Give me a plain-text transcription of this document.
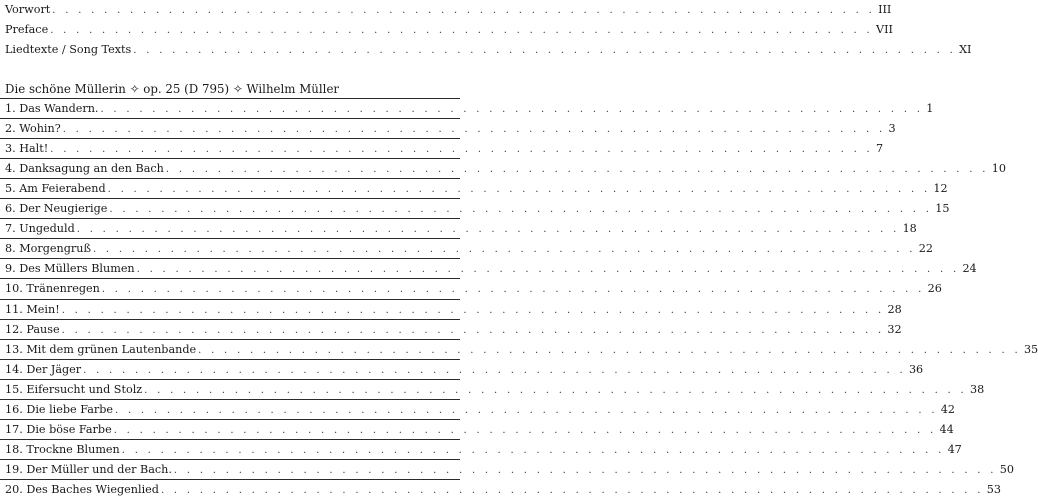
Vorwort . . . . . . . . . . . . . . . . . . . . . . . . . . . . . . . . . . . . . . . . . . . . . . . . . . . . . . . . . . . . . . . . III
Preface . . . . . . . . . . . . . . . . . . . . . . . . . . . . . . . . . . . . . . . . . . . . . . . . . . . . . . . . . . . . . . . . VII
Liedtexte / Song Texts . . . . . . . . . . . . . . . . . . . . . . . . . . . . . . . . . . . . . . . . . . . . . . . . . . . . . . . . . . . . . . . . XI
Die schöne Müllerin ✧ op. 25 (D 795) ✧ Wilhelm Müller
1. Das Wandern. . . . . . . . . . . . . . . . . . . . . . . . . . . . . . . . . . . . . . . . . . . . . . . . . . . . . . . . . . . . . . . . . 1
2. Wohin? . . . . . . . . . . . . . . . . . . . . . . . . . . . . . . . . . . . . . . . . . . . . . . . . . . . . . . . . . . . . . . . . 3
3. Halt! . . . . . . . . . . . . . . . . . . . . . . . . . . . . . . . . . . . . . . . . . . . . . . . . . . . . . . . . . . . . . . . . 7
4. Danksagung an den Bach . . . . . . . . . . . . . . . . . . . . . . . . . . . . . . . . . . . . . . . . . . . . . . . . . . . . . . . . . . . . . . . . 10
5. Am Feierabend . . . . . . . . . . . . . . . . . . . . . . . . . . . . . . . . . . . . . . . . . . . . . . . . . . . . . . . . . . . . . . . . 12
6. Der Neugierige . . . . . . . . . . . . . . . . . . . . . . . . . . . . . . . . . . . . . . . . . . . . . . . . . . . . . . . . . . . . . . . . 15
7. Ungeduld . . . . . . . . . . . . . . . . . . . . . . . . . . . . . . . . . . . . . . . . . . . . . . . . . . . . . . . . . . . . . . . . 18
8. Morgengruß . . . . . . . . . . . . . . . . . . . . . . . . . . . . . . . . . . . . . . . . . . . . . . . . . . . . . . . . . . . . . . . . 22
9. Des Müllers Blumen . . . . . . . . . . . . . . . . . . . . . . . . . . . . . . . . . . . . . . . . . . . . . . . . . . . . . . . . . . . . . . . . 24
10. Tränenregen . . . . . . . . . . . . . . . . . . . . . . . . . . . . . . . . . . . . . . . . . . . . . . . . . . . . . . . . . . . . . . . . 26
11. Mein! . . . . . . . . . . . . . . . . . . . . . . . . . . . . . . . . . . . . . . . . . . . . . . . . . . . . . . . . . . . . . . . . 28
12. Pause . . . . . . . . . . . . . . . . . . . . . . . . . . . . . . . . . . . . . . . . . . . . . . . . . . . . . . . . . . . . . . . . 32
13. Mit dem grünen Lautenbande . . . . . . . . . . . . . . . . . . . . . . . . . . . . . . . . . . . . . . . . . . . . . . . . . . . . . . . . . . . . . . . . 35
14. Der Jäger . . . . . . . . . . . . . . . . . . . . . . . . . . . . . . . . . . . . . . . . . . . . . . . . . . . . . . . . . . . . . . . . 36
15. Eifersucht und Stolz . . . . . . . . . . . . . . . . . . . . . . . . . . . . . . . . . . . . . . . . . . . . . . . . . . . . . . . . . . . . . . . . 38
16. Die liebe Farbe . . . . . . . . . . . . . . . . . . . . . . . . . . . . . . . . . . . . . . . . . . . . . . . . . . . . . . . . . . . . . . . . 42
17. Die böse Farbe . . . . . . . . . . . . . . . . . . . . . . . . . . . . . . . . . . . . . . . . . . . . . . . . . . . . . . . . . . . . . . . . 44
18. Trockne Blumen . . . . . . . . . . . . . . . . . . . . . . . . . . . . . . . . . . . . . . . . . . . . . . . . . . . . . . . . . . . . . . . . 47
19. Der Müller und der Bach. . . . . . . . . . . . . . . . . . . . . . . . . . . . . . . . . . . . . . . . . . . . . . . . . . . . . . . . . . . . . . . . . 50
20. Des Baches Wiegenlied . . . . . . . . . . . . . . . . . . . . . . . . . . . . . . . . . . . . . . . . . . . . . . . . . . . . . . . . . . . . . . . . 53
